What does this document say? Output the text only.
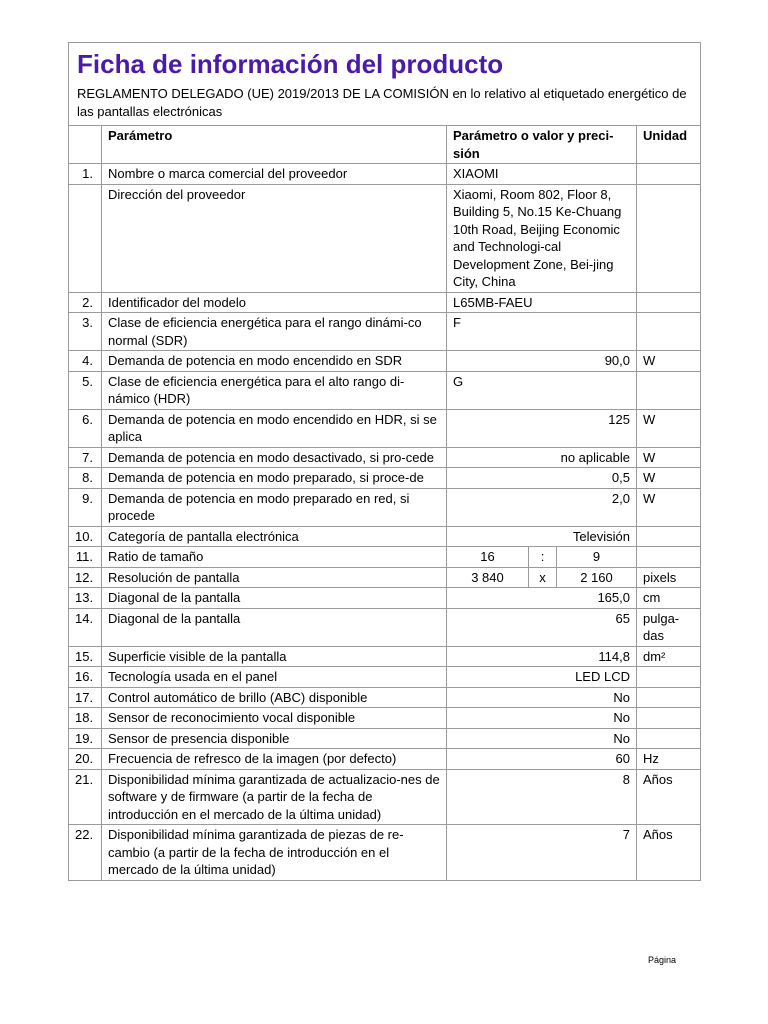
Ficha de información del producto
REGLAMENTO DELEGADO (UE) 2019/2013 DE LA COMISIÓN en lo relativo al etiquetado energético de las pantallas electrónicas			

	Parámetro	Parámetro o valor y preci-sión	Unidad
1.	Nombre o marca comercial del proveedor	XIAOMI	
	Dirección del proveedor	Xiaomi, Room 802, Floor 8, Building 5, No.15 Ke-Chuang 10th Road, Beijing Economic and Technologi-cal Development Zone, Bei-jing City, China	
2.	Identificador del modelo	L65MB-FAEU	
3.	Clase de eficiencia energética para el rango dinámi-co normal (SDR)	F	
4.	Demanda de potencia en modo encendido en SDR	90,0	W
5.	Clase de eficiencia energética para el alto rango di-námico (HDR)	G	
6.	Demanda de potencia en modo encendido en HDR, si se aplica	125	W
7.	Demanda de potencia en modo desactivado, si pro-cede	no aplicable	W
8.	Demanda de potencia en modo preparado, si proce-de	0,5	W
9.	Demanda de potencia en modo preparado en red, si procede	2,0	W
10.	Categoría de pantalla electrónica	Televisión	
11.	Ratio de tamaño	16 : 9	

12.	Resolución de pantalla	3 840 x 2 160	pixels
13.	Diagonal de la pantalla	165,0	cm
14.	Diagonal de la pantalla	65	pulga-das
15.	Superficie visible de la pantalla	114,8	dm²
16.	Tecnología usada en el panel	LED LCD	
17.	Control automático de brillo (ABC) disponible	No	
18.	Sensor de reconocimiento vocal disponible	No	
19.	Sensor de presencia disponible	No	
20.	Frecuencia de refresco de la imagen (por defecto)	60	Hz
21.	Disponibilidad mínima garantizada de actualizacio-nes de software y de firmware (a partir de la fecha de introducción en el mercado de la última unidad)	8	Años
22.	Disponibilidad mínima garantizada de piezas de re-cambio (a partir de la fecha de introducción en el mercado de la última unidad)	7	Años
Página
